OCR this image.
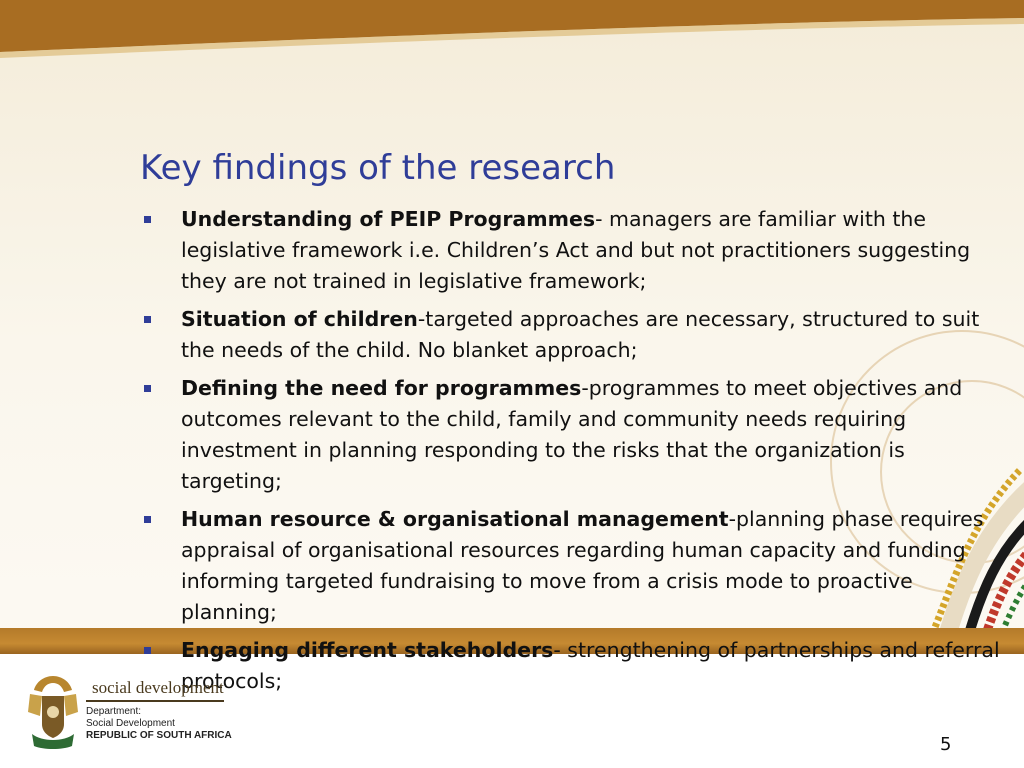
Key findings of the research
Understanding of PEIP Programmes- managers are familiar with the legislative framework i.e. Children’s Act and but not practitioners suggesting they are not trained in legislative framework;
Situation of children-targeted approaches are necessary, structured to suit the needs of the child. No blanket approach;
Defining the need for programmes-programmes to meet objectives and outcomes relevant to the child, family and community needs requiring investment in planning responding to the risks that the organization is targeting;
Human resource & organisational management-planning phase requires appraisal of organisational resources regarding human capacity and funding informing targeted fundraising to move from a crisis mode to proactive planning;
Engaging different stakeholders- strengthening of partnerships and referral protocols;
social development
Department:
Social Development
REPUBLIC OF SOUTH AFRICA	5
